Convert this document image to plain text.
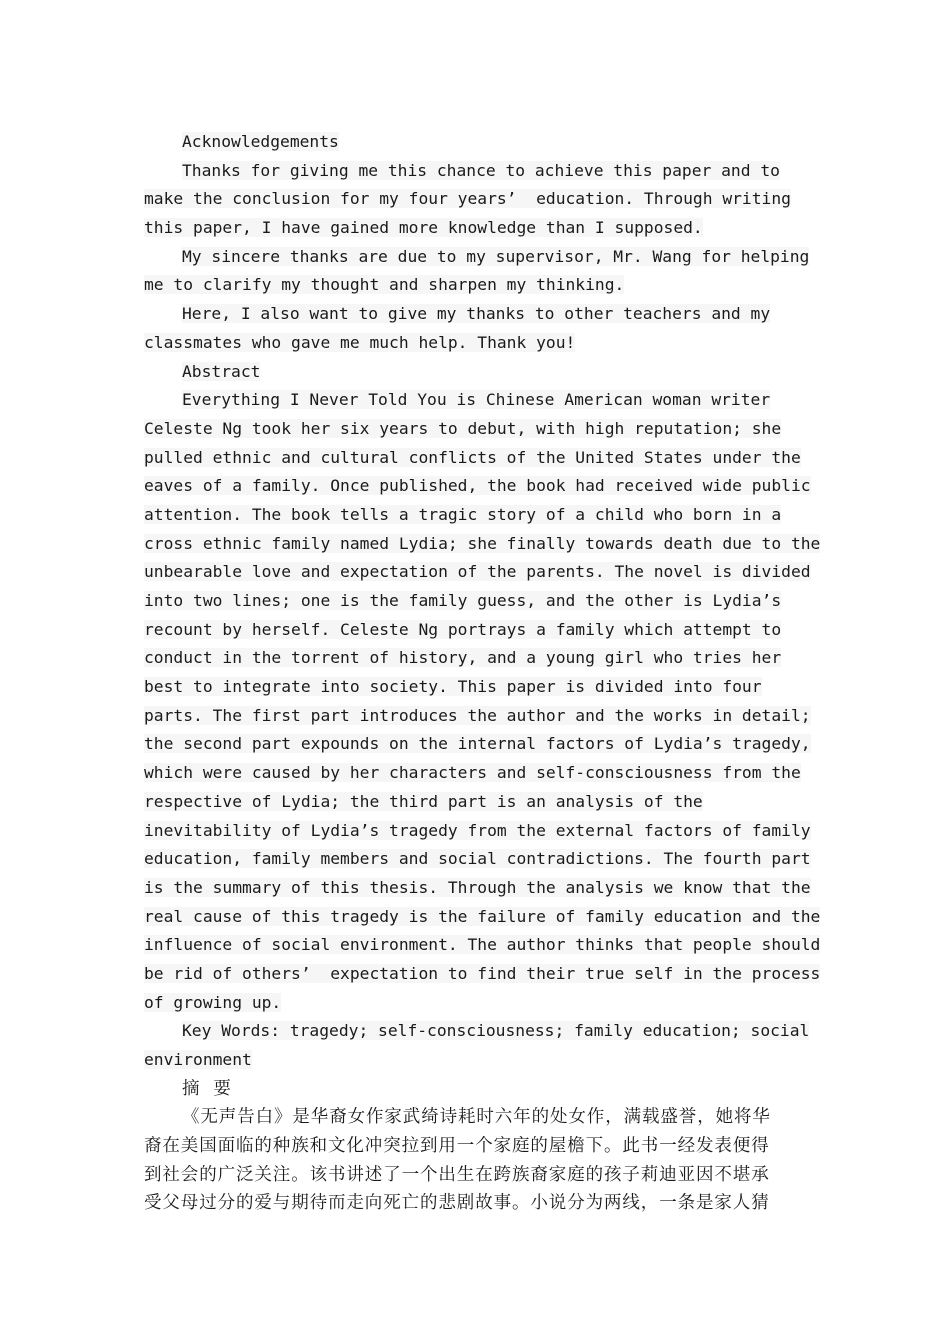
Acknowledgements
Thanks for giving me this chance to achieve this paper and to
make the conclusion for my four years’  education. Through writing
this paper, I have gained more knowledge than I supposed.
My sincere thanks are due to my supervisor, Mr. Wang for helping
me to clarify my thought and sharpen my thinking.
Here, I also want to give my thanks to other teachers and my
classmates who gave me much help. Thank you!
Abstract
Everything I Never Told You is Chinese American woman writer
Celeste Ng took her six years to debut, with high reputation; she
pulled ethnic and cultural conflicts of the United States under the
eaves of a family. Once published, the book had received wide public
attention. The book tells a tragic story of a child who born in a
cross ethnic family named Lydia; she finally towards death due to the
unbearable love and expectation of the parents. The novel is divided
into two lines; one is the family guess, and the other is Lydia’s
recount by herself. Celeste Ng portrays a family which attempt to
conduct in the torrent of history, and a young girl who tries her
best to integrate into society. This paper is divided into four
parts. The first part introduces the author and the works in detail;
the second part expounds on the internal factors of Lydia’s tragedy,
which were caused by her characters and self-consciousness from the
respective of Lydia; the third part is an analysis of the
inevitability of Lydia’s tragedy from the external factors of family
education, family members and social contradictions. The fourth part
is the summary of this thesis. Through the analysis we know that the
real cause of this tragedy is the failure of family education and the
influence of social environment. The author thinks that people should
be rid of others’  expectation to find their true self in the process
of growing up.
Key Words: tragedy; self-consciousness; family education; social
environment
摘  要
《无声告白》是华裔女作家武绮诗耗时六年的处女作，满载盛誉，她将华
裔在美国面临的种族和文化冲突拉到用一个家庭的屋檐下。此书一经发表便得
到社会的广泛关注。该书讲述了一个出生在跨族裔家庭的孩子莉迪亚因不堪承
受父母过分的爱与期待而走向死亡的悲剧故事。小说分为两线，一条是家人猜
